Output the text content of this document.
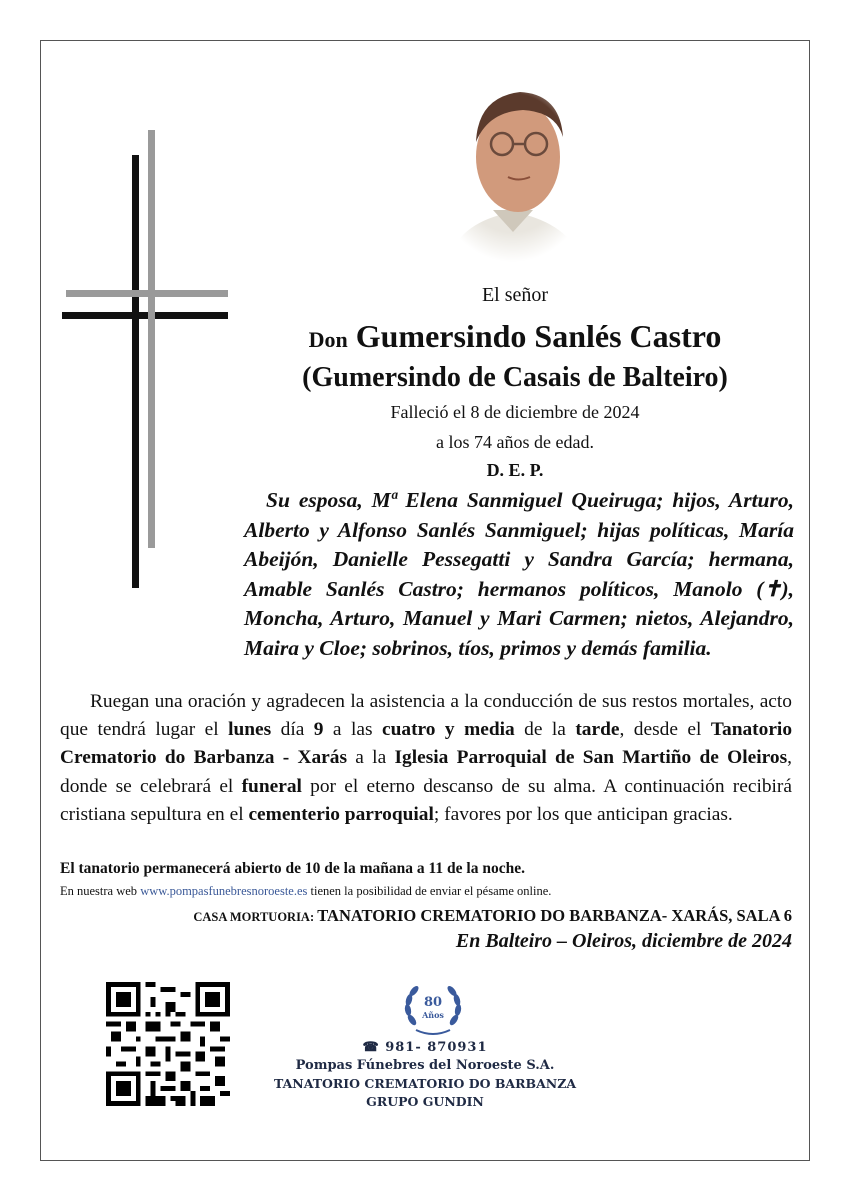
El señor
Don Gumersindo Sanlés Castro
(Gumersindo de Casais de Balteiro)
Falleció el 8 de diciembre de 2024
a los 74 años de edad.
D. E. P.
Su esposa, Mª Elena Sanmiguel Queiruga; hijos, Arturo, Alberto y Alfonso Sanlés Sanmiguel; hijas políticas, María Abeijón, Danielle Pessegatti y Sandra García; hermana, Amable Sanlés Castro; hermanos políticos, Manolo (✝), Moncha, Arturo, Manuel y Mari Carmen; nietos, Alejandro, Maira y Cloe; sobrinos, tíos, primos y demás familia.
Ruegan una oración y agradecen la asistencia a la conducción de sus restos mortales, acto que tendrá lugar el lunes día 9 a las cuatro y media de la tarde, desde el Tanatorio Crematorio do Barbanza - Xarás a la Iglesia Parroquial de San Martiño de Oleiros, donde se celebrará el funeral por el eterno descanso de su alma. A continuación recibirá cristiana sepultura en el cementerio parroquial; favores por los que anticipan gracias.
El tanatorio permanecerá abierto de 10 de la mañana a 11 de la noche.
En nuestra web www.pompasfunebresnoroeste.es tienen la posibilidad de enviar el pésame online.
CASA MORTUORIA: TANATORIO CREMATORIO DO BARBANZA- XARÁS, SALA 6
En Balteiro – Oleiros, diciembre de 2024
80
Años
☎ 981- 870931
Pompas Fúnebres del Noroeste S.A.
TANATORIO CREMATORIO DO BARBANZA
GRUPO GUNDIN
